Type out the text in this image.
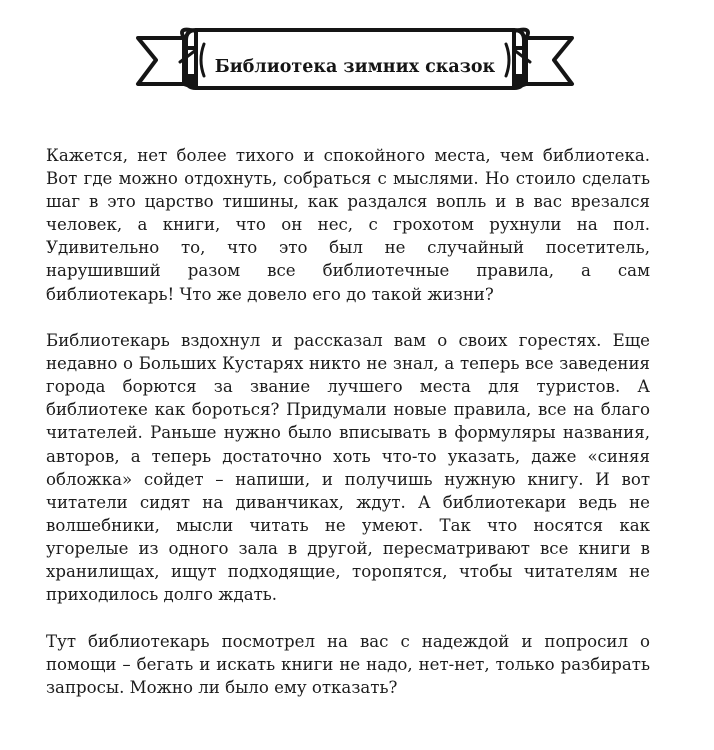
Библиотека зимних сказок

Кажется, нет более тихого и спокойного места, чем библиотека. Вот где можно отдохнуть, собраться с мыслями. Но стоило сделать шаг в это царство тишины, как раздался вопль и в вас врезался человек, а книги, что он нес, с грохотом рухнули на пол. Удивительно то, что это был не случайный посетитель, нарушивший разом все библиотечные правила, а сам библиотекарь! Что же довело его до такой жизни?

Библиотекарь вздохнул и рассказал вам о своих горестях. Еще недавно о Больших Кустарях никто не знал, а теперь все заведения города борются за звание лучшего места для туристов. А библиотеке как бороться? Придумали новые правила, все на благо читателей. Раньше нужно было вписывать в формуляры названия, авторов, а теперь достаточно хоть что-то указать, даже «синяя обложка» сойдет – напиши, и получишь нужную книгу. И вот читатели сидят на диванчиках, ждут. А библиотекари ведь не волшебники, мысли читать не умеют. Так что носятся как угорелые из одного зала в другой, пересматривают все книги в хранилищах, ищут подходящие, торопятся, чтобы читателям не приходилось долго ждать.

Тут библиотекарь посмотрел на вас с надеждой и попросил о помощи – бегать и искать книги не надо, нет-нет, только разбирать запросы. Можно ли было ему отказать?
